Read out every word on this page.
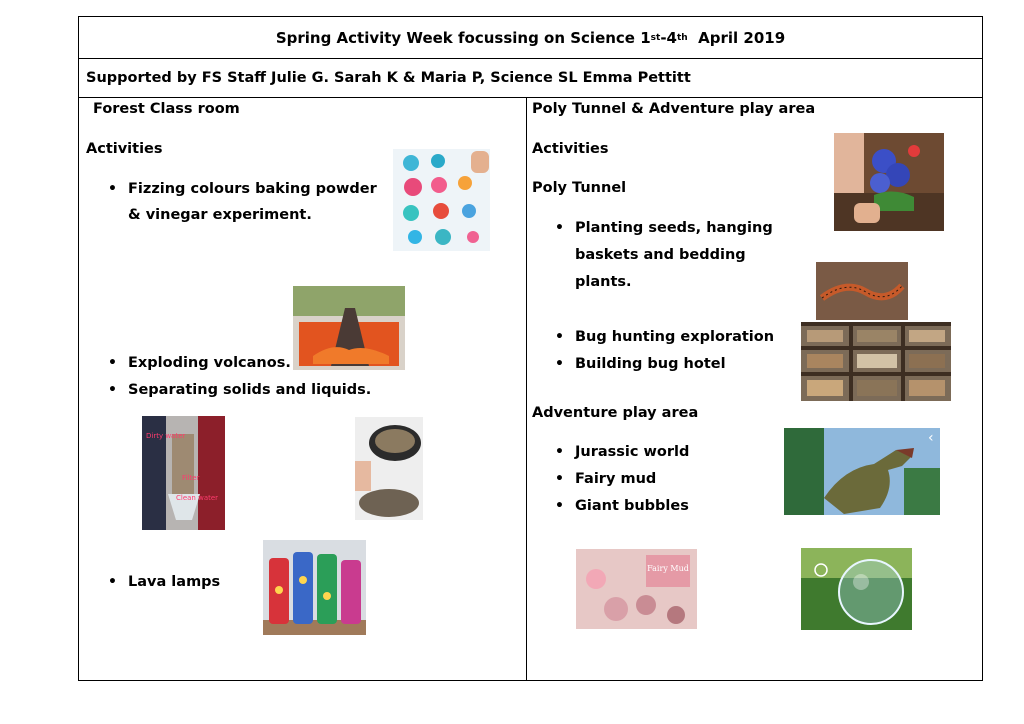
Spring Activity Week focussing on Science 1 st -4 th April 2019
Supported by FS Staff Julie G. Sarah K & Maria P, Science SL Emma Pettitt
Forest Class room
Activities
• Fizzing colours baking powder
& vinegar experiment.
• Exploding volcanos.
• Separating solids and liquids.
• Lava lamps
Poly Tunnel & Adventure play area
Activities
Poly Tunnel
• Planting seeds, hanging
baskets and bedding
plants.
• Bug hunting exploration
• Building bug hotel
Adventure play area
• Jurassic world
• Fairy mud
• Giant bubbles
Dirty water
Filter
Clean water
‹
Fairy Mud
